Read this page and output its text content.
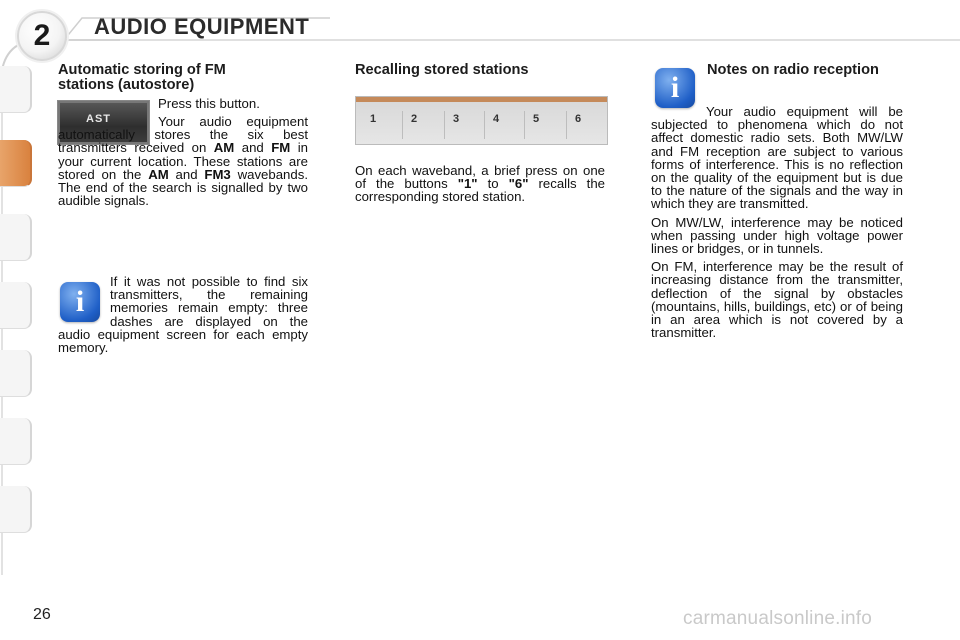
2	AUDIO EQUIPMENT
Automatic storing of FM stations (autostore)
AST

Press this button.

Your audio equipment automatically stores the six best transmitters received on AM and FM in your current location. These stations are stored on the AM and FM3 wavebands. The end of the search is signalled by two audible signals.

i

If it was not possible to find six transmitters, the remaining memories remain empty: three dashes are displayed on the audio equipment screen for each empty memory.

Recalling stored stations
1	2	3	4	5	6

On each waveband, a brief press on one of the buttons "1" to "6" recalls the corresponding stored station.

i
Notes on radio reception

Your audio equipment will be subjected to phenomena which do not affect domestic radio sets. Both MW/LW and FM reception are subject to various forms of interference. This is no reflection on the quality of the equipment but is due to the nature of the signals and the way in which they are transmitted.

On MW/LW, interference may be noticed when passing under high voltage power lines or bridges, or in tunnels.

On FM, interference may be the result of increasing distance from the transmitter, deflection of the signal by obstacles (mountains, hills, buildings, etc) or of being in an area which is not covered by a transmitter.

26	carmanualsonline.info
